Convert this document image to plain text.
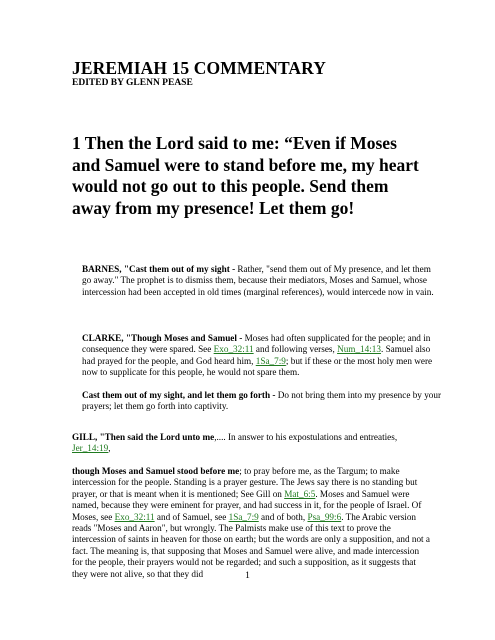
JEREMIAH 15 COMMENTARY
EDITED BY GLENN PEASE
1 Then the Lord said to me: “Even if Moses and Samuel were to stand before me, my heart would not go out to this people. Send them away from my presence! Let them go!
BARNES, "Cast them out of my sight - Rather, "send them out of My presence, and let them go away." The prophet is to dismiss them, because their mediators, Moses and Samuel, whose intercession had been accepted in old times (marginal references), would intercede now in vain.
CLARKE, "Though Moses and Samuel - Moses had often supplicated for the people; and in consequence they were spared. See Exo_32:11 and following verses, Num_14:13. Samuel also had prayed for the people, and God heard him, 1Sa_7:9; but if these or the most holy men were now to supplicate for this people, he would not spare them.
Cast them out of my sight, and let them go forth - Do not bring them into my presence by your prayers; let them go forth into captivity.
GILL, "Then said the Lord unto me,.... In answer to his expostulations and entreaties, Jer_14:19,
though Moses and Samuel stood before me; to pray before me, as the Targum; to make intercession for the people. Standing is a prayer gesture. The Jews say there is no standing but prayer, or that is meant when it is mentioned; See Gill on Mat_6:5. Moses and Samuel were named, because they were eminent for prayer, and had success in it, for the people of Israel. Of Moses, see Exo_32:11 and of Samuel, see 1Sa_7:9 and of both, Psa_99:6. The Arabic version reads "Moses and Aaron", but wrongly. The Palmists make use of this text to prove the intercession of saints in heaven for those on earth; but the words are only a supposition, and not a fact. The meaning is, that supposing that Moses and Samuel were alive, and made intercession for the people, their prayers would not be regarded; and such a supposition, as it suggests that they were not alive, so that they did	1
